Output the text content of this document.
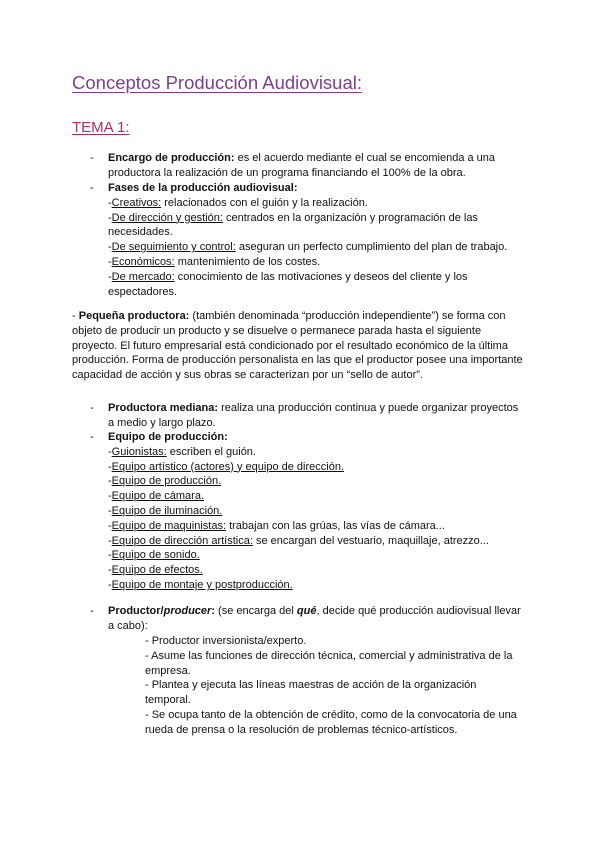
Conceptos Producción Audiovisual:
TEMA 1:
- Encargo de producción: es el acuerdo mediante el cual se encomienda a una
productora la realización de un programa financiando el 100% de la obra.
- Fases de la producción audiovisual:
-Creativos: relacionados con el guión y la realización.
-De dirección y gestión: centrados en la organización y programación de las
necesidades.
-De seguimiento y control: aseguran un perfecto cumplimiento del plan de trabajo.
-Económicos: mantenimiento de los costes.
-De mercado: conocimiento de las motivaciones y deseos del cliente y los
espectadores.
- Pequeña productora: (también denominada “producción independiente”) se forma con
objeto de producir un producto y se disuelve o permanece parada hasta el siguiente
proyecto. El futuro empresarial está condicionado por el resultado económico de la última
producción. Forma de producción personalista en las que el productor posee una importante
capacidad de acción y sus obras se caracterizan por un “sello de autor”.
- Productora mediana: realiza una producción continua y puede organizar proyectos
a medio y largo plazo.
- Equipo de producción:
-Guionistas: escriben el guión.
-Equipo artístico (actores) y equipo de dirección.
-Equipo de producción.
-Equipo de cámara.
-Equipo de iluminación.
-Equipo de maquinistas: trabajan con las grúas, las vías de cámara...
-Equipo de dirección artística: se encargan del vestuario, maquillaje, atrezzo...
-Equipo de sonido.
-Equipo de efectos.
-Equipo de montaje y postproducción.
- Productor/producer: (se encarga del qué, decide qué producción audiovisual llevar
a cabo):
- Productor inversionista/experto.
- Asume las funciones de dirección técnica, comercial y administrativa de la
empresa.
- Plantea y ejecuta las líneas maestras de acción de la organización
temporal.
- Se ocupa tanto de la obtención de crédito, como de la convocatoria de una
rueda de prensa o la resolución de problemas técnico-artísticos.
